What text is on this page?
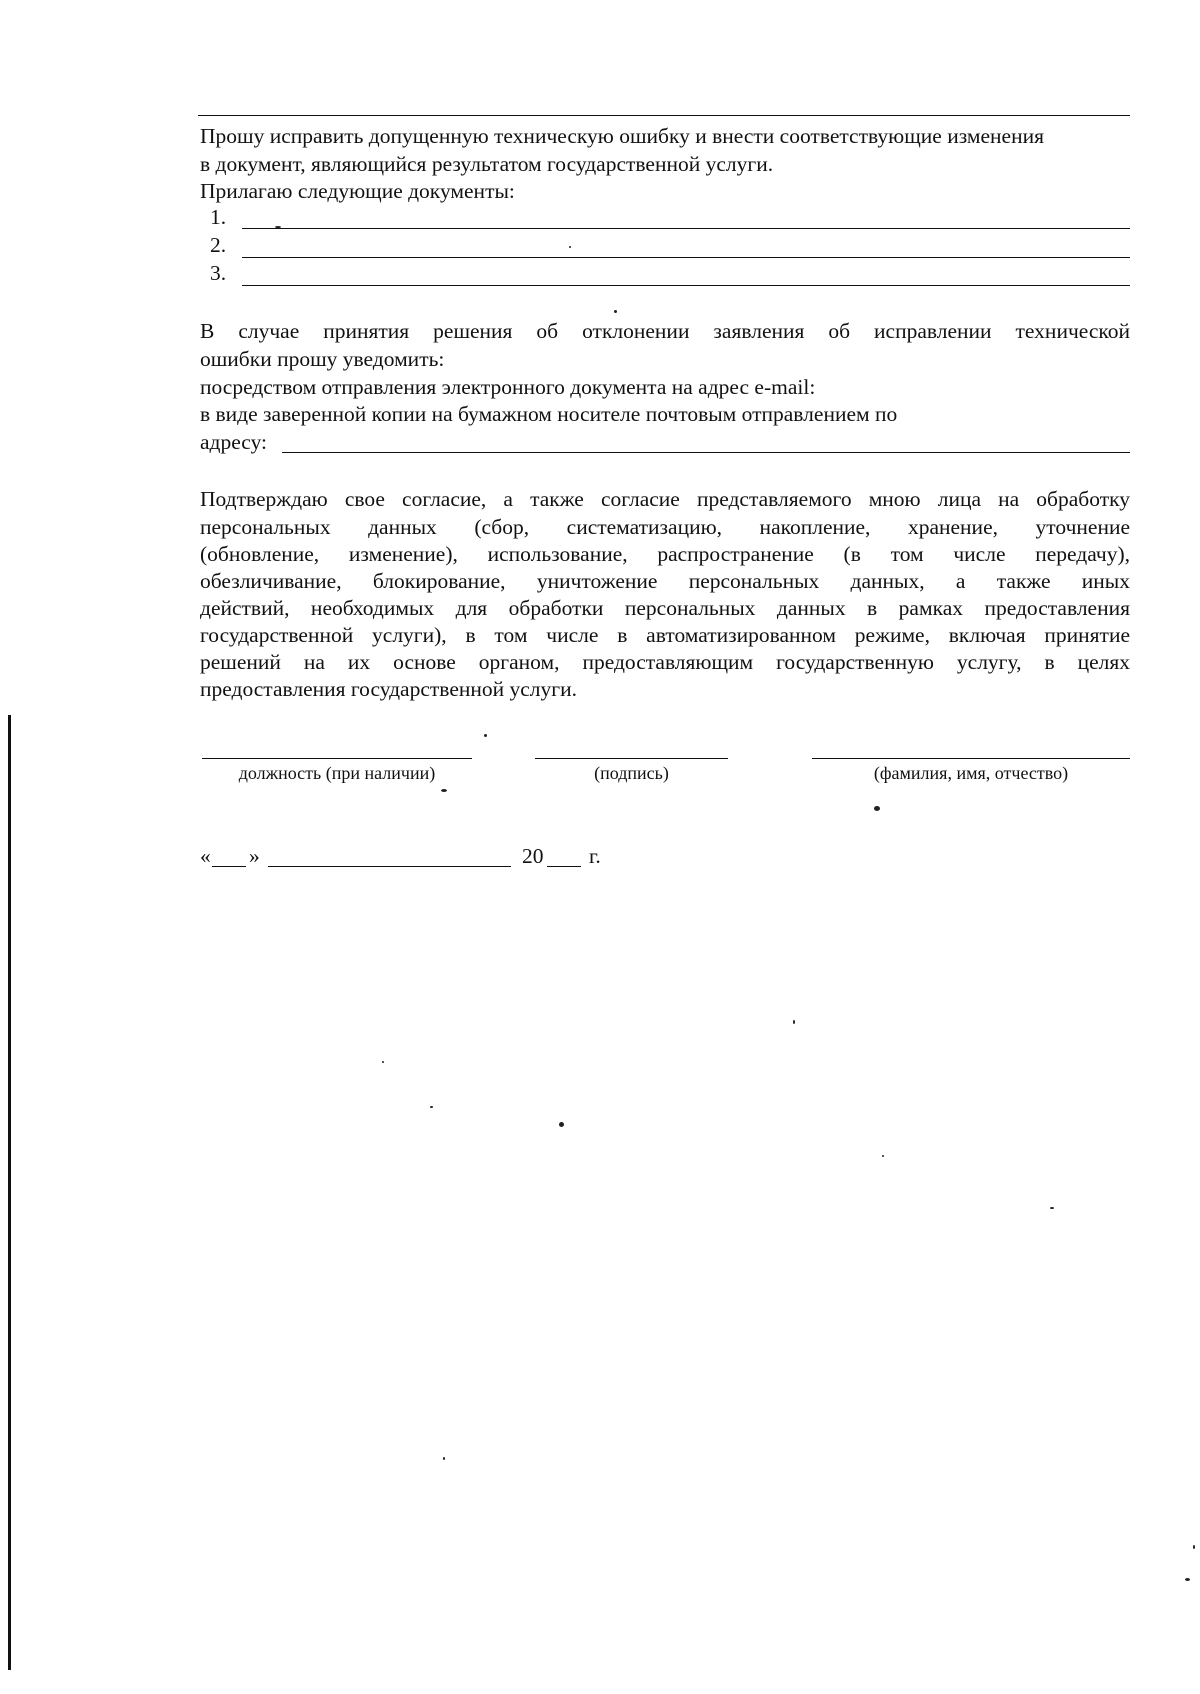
Прошу исправить допущенную техническую ошибку и внести соответствующие изменения
в документ, являющийся результатом государственной услуги.
Прилагаю следующие документы:
1.
2.
3.
В случае принятия решения об отклонении заявления об исправлении технической
ошибки прошу уведомить:
посредством отправления электронного документа на адрес e-mail:
в виде заверенной копии на бумажном носителе почтовым отправлением по
адресу:
Подтверждаю свое согласие, а также согласие представляемого мною лица на обработку
персональных данных (сбор, систематизацию, накопление, хранение, уточнение
(обновление, изменение), использование, распространение (в том числе передачу),
обезличивание, блокирование, уничтожение персональных данных, а также иных
действий, необходимых для обработки персональных данных в рамках предоставления
государственной услуги), в том числе в автоматизированном режиме, включая принятие
решений на их основе органом, предоставляющим государственную услугу, в целях
предоставления государственной услуги.
должность (при наличии)	(подпись)	(фамилия, имя, отчество)
« »	20 г.
